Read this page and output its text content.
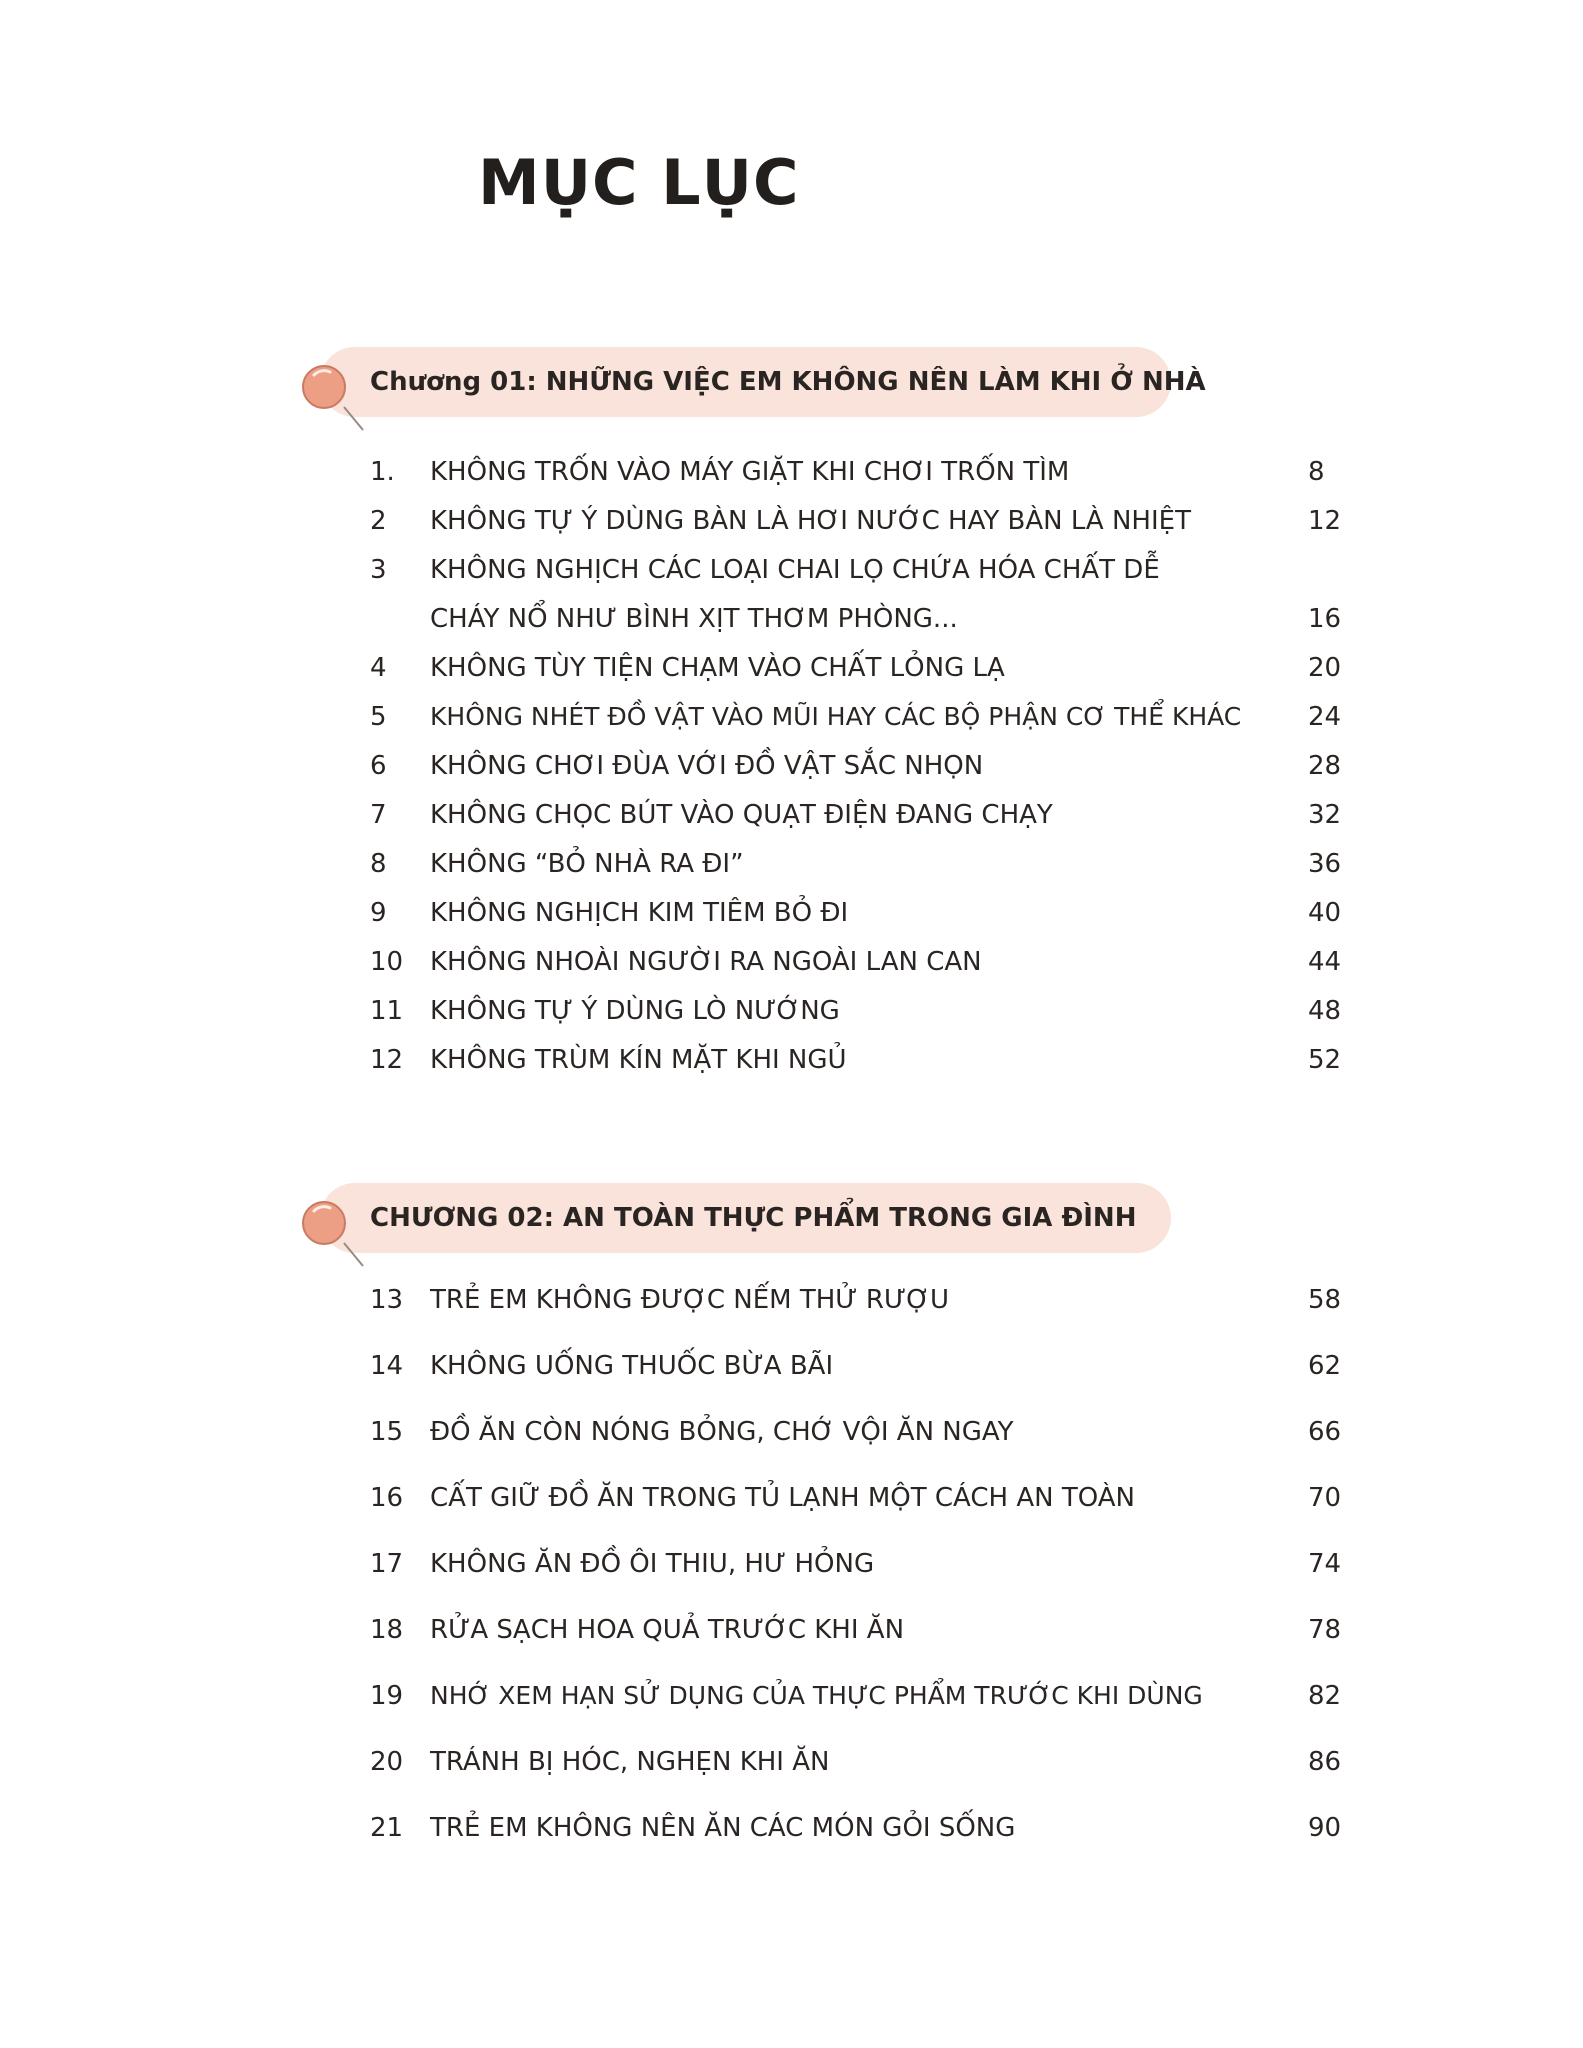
MỤC LỤC
Chương 01: NHỮNG VIỆC EM KHÔNG NÊN LÀM KHI Ở NHÀ
1. KHÔNG TRỐN VÀO MÁY GIẶT KHI CHƠI TRỐN TÌM	8
2 KHÔNG TỰ Ý DÙNG BÀN LÀ HƠI NƯỚC HAY BÀN LÀ NHIỆT	12
3 KHÔNG NGHỊCH CÁC LOẠI CHAI LỌ CHỨA HÓA CHẤT DỄ
CHÁY NỔ NHƯ BÌNH XỊT THƠM PHÒNG...	16
4 KHÔNG TÙY TIỆN CHẠM VÀO CHẤT LỎNG LẠ	20
5 KHÔNG NHÉT ĐỒ VẬT VÀO MŨI HAY CÁC BỘ PHẬN CƠ THỂ KHÁC	24
6 KHÔNG CHƠI ĐÙA VỚI ĐỒ VẬT SẮC NHỌN	28
7 KHÔNG CHỌC BÚT VÀO QUẠT ĐIỆN ĐANG CHẠY	32
8 KHÔNG “BỎ NHÀ RA ĐI”	36
9 KHÔNG NGHỊCH KIM TIÊM BỎ ĐI	40
10 KHÔNG NHOÀI NGƯỜI RA NGOÀI LAN CAN	44
11 KHÔNG TỰ Ý DÙNG LÒ NƯỚNG	48
12 KHÔNG TRÙM KÍN MẶT KHI NGỦ	52
CHƯƠNG 02: AN TOÀN THỰC PHẨM TRONG GIA ĐÌNH
13 TRẺ EM KHÔNG ĐƯỢC NẾM THỬ RƯỢU	58
14 KHÔNG UỐNG THUỐC BỪA BÃI	62
15 ĐỒ ĂN CÒN NÓNG BỎNG, CHỚ VỘI ĂN NGAY	66
16 CẤT GIỮ ĐỒ ĂN TRONG TỦ LẠNH MỘT CÁCH AN TOÀN	70
17 KHÔNG ĂN ĐỒ ÔI THIU, HƯ HỎNG	74
18 RỬA SẠCH HOA QUẢ TRƯỚC KHI ĂN	78
19 NHỚ XEM HẠN SỬ DỤNG CỦA THỰC PHẨM TRƯỚC KHI DÙNG	82
20 TRÁNH BỊ HÓC, NGHẸN KHI ĂN	86
21 TRẺ EM KHÔNG NÊN ĂN CÁC MÓN GỎI SỐNG	90
